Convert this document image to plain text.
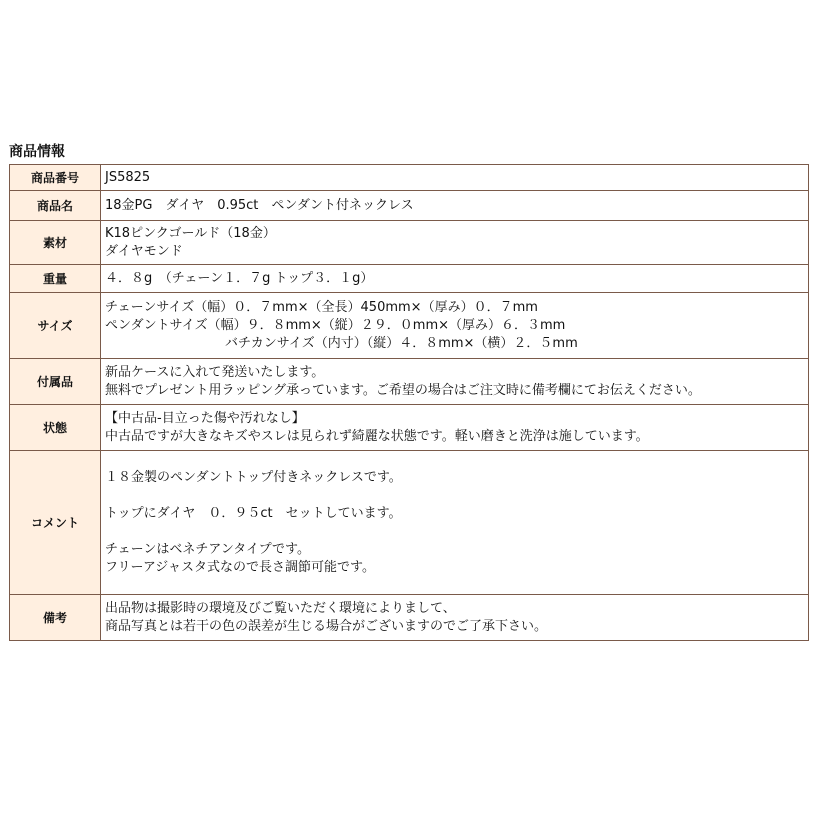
商品情報
商品番号	JS5825

商品名	18金PG　ダイヤ　0.95ct　ペンダント付ネックレス

素材	K18ピンクゴールド（18金）
ダイヤモンド

重量	４．８g　（チェーン１．７g トップ３．１g）

サイズ	チェーンサイズ（幅）０．７mm×（全長）450mm×（厚み）０．７mm
ペンダントサイズ（幅）９．８mm×（縦）２９．０mm×（厚み）６．３mm
バチカンサイズ（内寸）（縦）４．８mm×（横）２．５mm

付属品	新品ケースに入れて発送いたします。
無料でプレゼント用ラッピング承っています。ご希望の場合はご注文時に備考欄にてお伝えください。

状態	【中古品-目立った傷や汚れなし】
中古品ですが大きなキズやスレは見られず綺麗な状態です。軽い磨きと洗浄は施しています。

コメント	１８金製のペンダントトップ付きネックレスです。
トップにダイヤ　０．９５ct　セットしています。
チェーンはベネチアンタイプです。
フリーアジャスタ式なので長さ調節可能です。

備考	出品物は撮影時の環境及びご覧いただく環境によりまして、
商品写真とは若干の色の誤差が生じる場合がございますのでご了承下さい。
